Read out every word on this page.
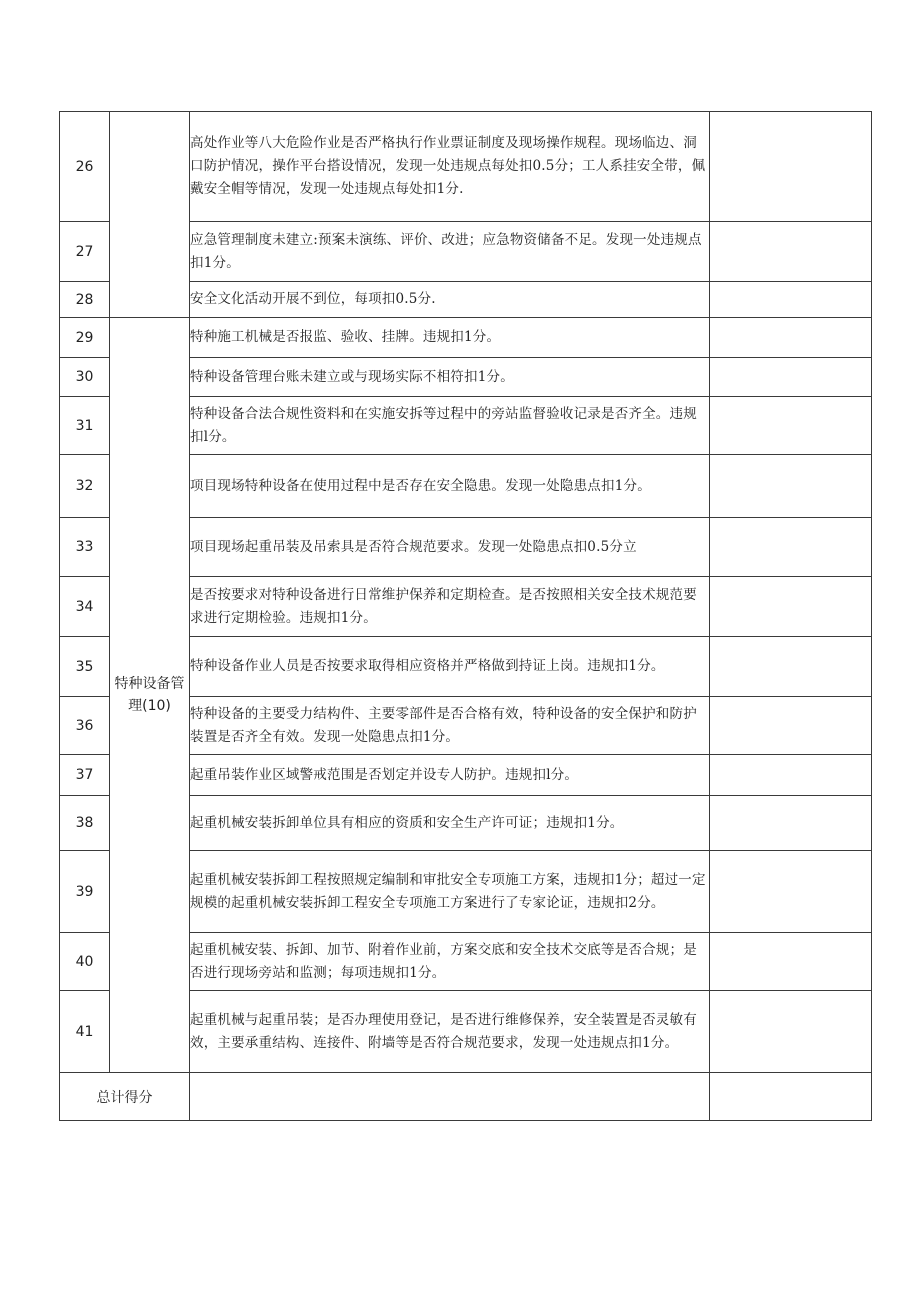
26		高处作业等八大危险作业是否严格执行作业票证制度及现场操作规程。现场临边、洞口防护情况，操作平台搭设情况，发现一处违规点每处扣0.5分；工人系挂安全带，佩戴安全帽等情况，发现一处违规点每处扣1分.	
27		应急管理制度未建立:预案未演练、评价、改进；应急物资储备不足。发现一处违规点扣1分。	
28		安全文化活动开展不到位，每项扣0.5分.	
29	特种设备管理(10)	特种施工机械是否报监、验收、挂牌。违规扣1分。	
30		特种设备管理台账未建立或与现场实际不相符扣1分。	
31		特种设备合法合规性资料和在实施安拆等过程中的旁站监督验收记录是否齐全。违规扣l分。	
32		项目现场特种设备在使用过程中是否存在安全隐患。发现一处隐患点扣1分。	
33		项目现场起重吊装及吊索具是否符合规范要求。发现一处隐患点扣0.5分立	
34		是否按要求对特种设备进行日常维护保养和定期检查。是否按照相关安全技术规范要求进行定期检验。违规扣1分。	
35		特种设备作业人员是否按要求取得相应资格并严格做到持证上岗。违规扣1分。	
36		特种设备的主要受力结构件、主要零部件是否合格有效，特种设备的安全保护和防护装置是否齐全有效。发现一处隐患点扣1分。	
37		起重吊装作业区域警戒范围是否划定并设专人防护。违规扣l分。	
38		起重机械安装拆卸单位具有相应的资质和安全生产许可证；违规扣1分。	
39		起重机械安装拆卸工程按照规定编制和审批安全专项施工方案，违规扣1分；超过一定规模的起重机械安装拆卸工程安全专项施工方案进行了专家论证，违规扣2分。	
40		起重机械安装、拆卸、加节、附着作业前，方案交底和安全技术交底等是否合规；是否进行现场旁站和监测；每项违规扣1分。	
41		起重机械与起重吊装；是否办理使用登记，是否进行维修保养，安全装置是否灵敏有效，主要承重结构、连接件、附墙等是否符合规范要求，发现一处违规点扣1分。	
总计得分			
